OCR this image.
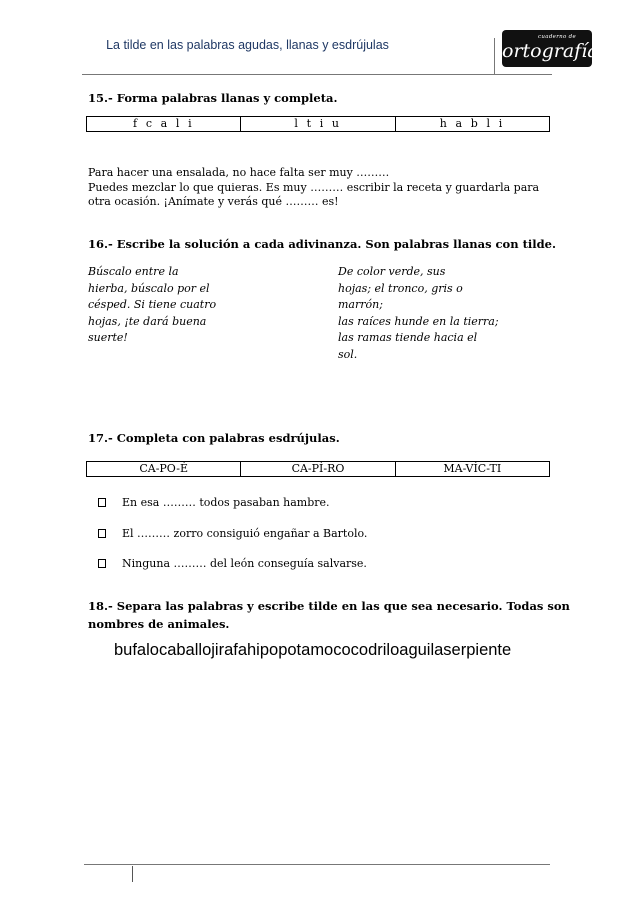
La tilde en las palabras agudas, llanas y esdrújulas
cuaderno de
ortografía
15.- Forma palabras llanas y completa.
f c a l i	l t i u	h a b l i
Para hacer una ensalada, no hace falta ser muy ………
Puedes mezclar lo que quieras. Es muy ……… escribir la receta y guardarla para
otra ocasión. ¡Anímate y verás qué ……… es!
16.- Escribe la solución a cada adivinanza. Son palabras llanas con tilde.
Búscalo entre la
hierba, búscalo por el
césped. Si tiene cuatro
hojas, ¡te dará buena
suerte!
De color verde, sus
hojas; el tronco, gris o
marrón;
las raíces hunde en la tierra;
las ramas tiende hacia el
sol.
17.- Completa con palabras esdrújulas.
CA-PO-É	CA-PÍ-RO	MA-VÍC-TI
En esa ……… todos pasaban hambre.
El ……… zorro consiguió engañar a Bartolo.
Ninguna ……… del león conseguía salvarse.
18.- Separa las palabras y escribe tilde en las que sea necesario. Todas son
nombres de animales.
bufalocaballojirafahipopotamococodriloaguilaserpiente
